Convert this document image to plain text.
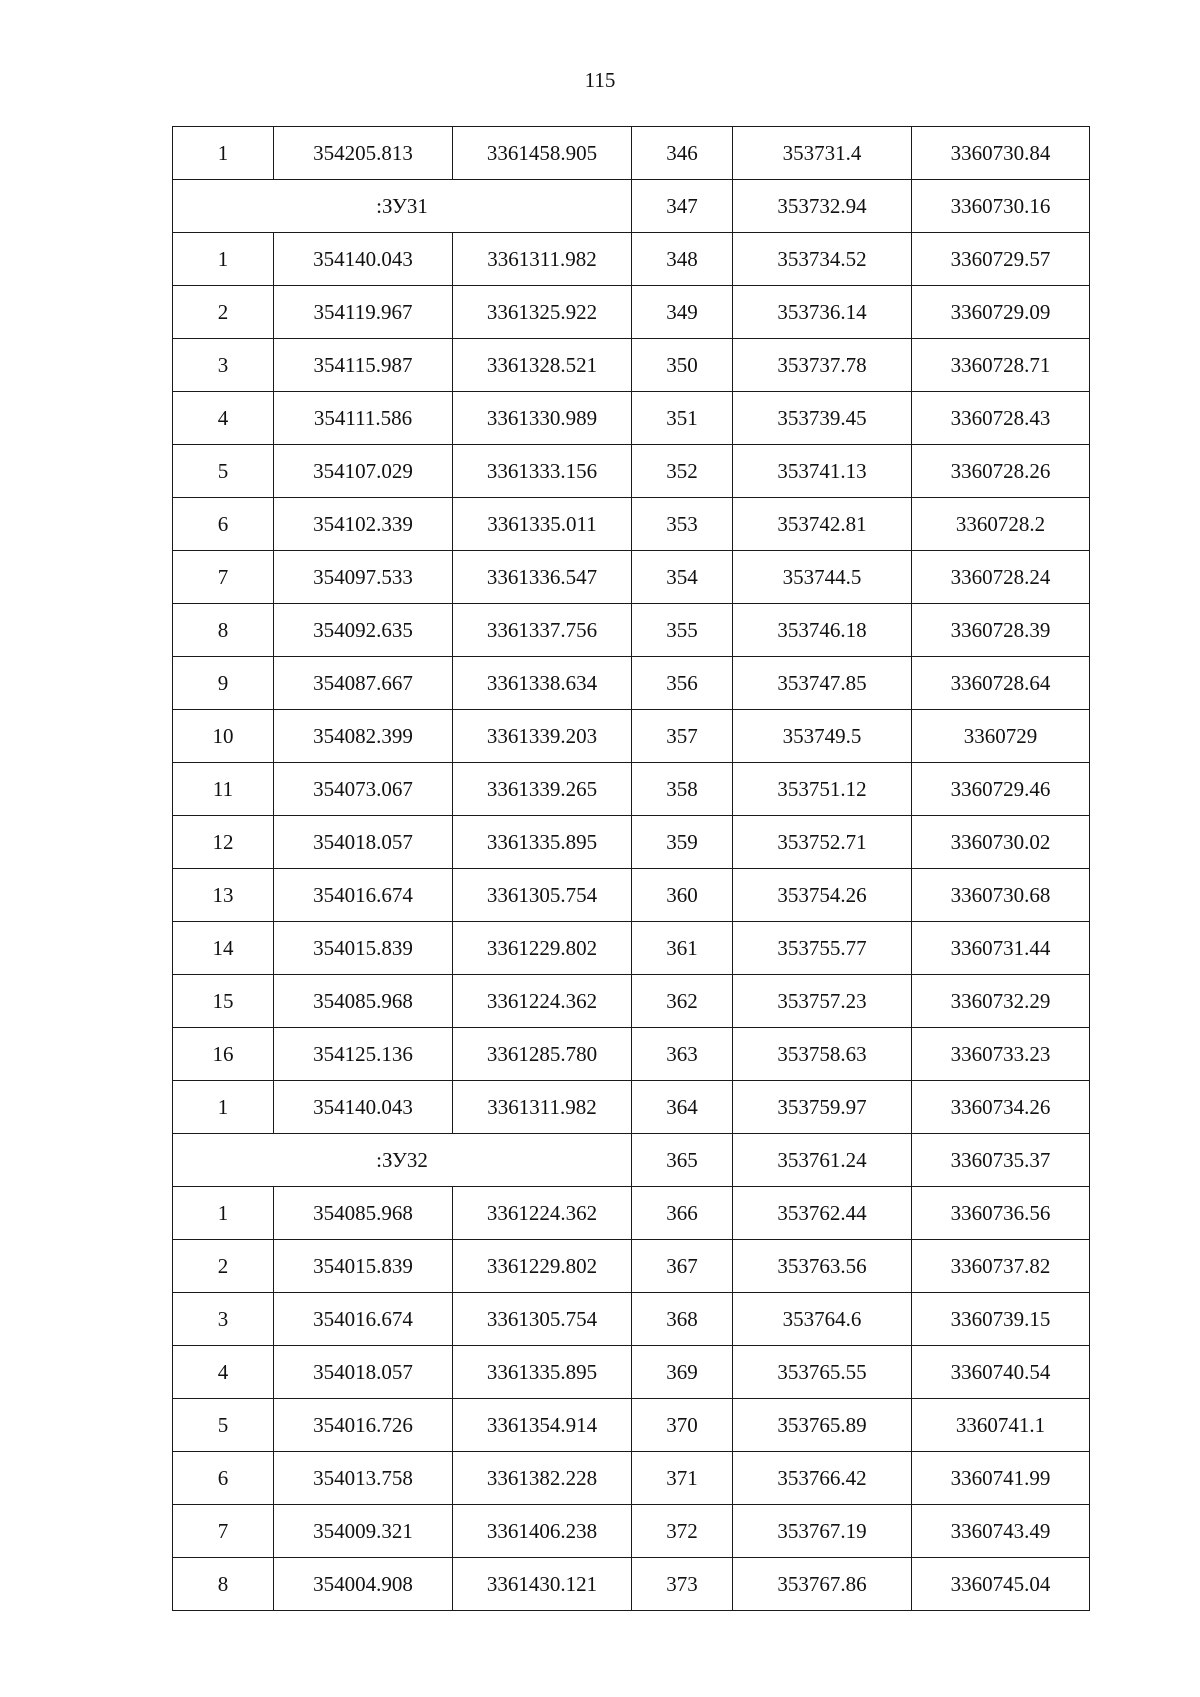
115
1	354205.813	3361458.905	346	353731.4	3360730.84
:ЗУ31			347	353732.94	3360730.16
1	354140.043	3361311.982	348	353734.52	3360729.57
2	354119.967	3361325.922	349	353736.14	3360729.09
3	354115.987	3361328.521	350	353737.78	3360728.71
4	354111.586	3361330.989	351	353739.45	3360728.43
5	354107.029	3361333.156	352	353741.13	3360728.26
6	354102.339	3361335.011	353	353742.81	3360728.2
7	354097.533	3361336.547	354	353744.5	3360728.24
8	354092.635	3361337.756	355	353746.18	3360728.39
9	354087.667	3361338.634	356	353747.85	3360728.64
10	354082.399	3361339.203	357	353749.5	3360729
11	354073.067	3361339.265	358	353751.12	3360729.46
12	354018.057	3361335.895	359	353752.71	3360730.02
13	354016.674	3361305.754	360	353754.26	3360730.68
14	354015.839	3361229.802	361	353755.77	3360731.44
15	354085.968	3361224.362	362	353757.23	3360732.29
16	354125.136	3361285.780	363	353758.63	3360733.23
1	354140.043	3361311.982	364	353759.97	3360734.26
:ЗУ32			365	353761.24	3360735.37
1	354085.968	3361224.362	366	353762.44	3360736.56
2	354015.839	3361229.802	367	353763.56	3360737.82
3	354016.674	3361305.754	368	353764.6	3360739.15
4	354018.057	3361335.895	369	353765.55	3360740.54
5	354016.726	3361354.914	370	353765.89	3360741.1
6	354013.758	3361382.228	371	353766.42	3360741.99
7	354009.321	3361406.238	372	353767.19	3360743.49
8	354004.908	3361430.121	373	353767.86	3360745.04
